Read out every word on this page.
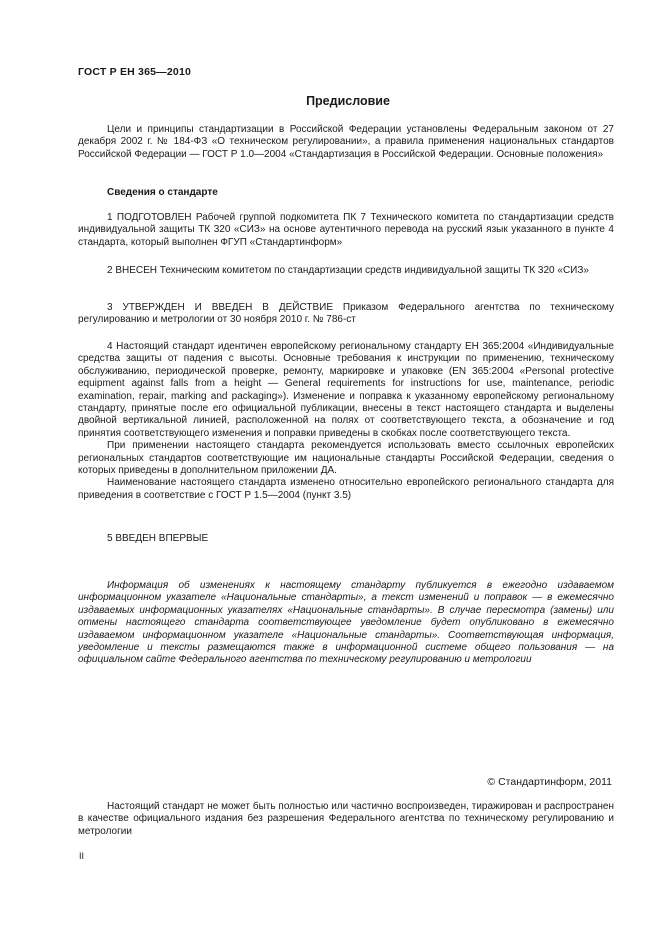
ГОСТ Р ЕН 365—2010
Предисловие

Цели и принципы стандартизации в Российской Федерации установлены Федеральным законом от 27 декабря 2002 г. № 184-ФЗ «О техническом регулировании», а правила применения национальных стандартов Российской Федерации — ГОСТ Р 1.0—2004 «Стандартизация в Российской Федерации. Основные положения»

Сведения о стандарте

1 ПОДГОТОВЛЕН Рабочей группой подкомитета ПК 7 Технического комитета по стандартизации средств индивидуальной защиты ТК 320 «СИЗ» на основе аутентичного перевода на русский язык указанного в пункте 4 стандарта, который выполнен ФГУП «Стандартинформ»

2 ВНЕСЕН Техническим комитетом по стандартизации средств индивидуальной защиты ТК 320 «СИЗ»

3 УТВЕРЖДЕН И ВВЕДЕН В ДЕЙСТВИЕ Приказом Федерального агентства по техническому регулированию и метрологии от 30 ноября 2010 г. № 786-ст

4 Настоящий стандарт идентичен европейскому региональному стандарту ЕН 365:2004 «Индивидуальные средства защиты от падения с высоты. Основные требования к инструкции по применению, техническому обслуживанию, периодической проверке, ремонту, маркировке и упаковке (EN 365:2004 «Personal protective equipment against falls from a height — General requirements for instructions for use, maintenance, periodic examination, repair, marking and packaging»). Изменение и поправка к указанному европейскому региональному стандарту, принятые после его официальной публикации, внесены в текст настоящего стандарта и выделены двойной вертикальной линией, расположенной на полях от соответствующего текста, а обозначение и год принятия соответствующего изменения и поправки приведены в скобках после соответствующего текста.

При применении настоящего стандарта рекомендуется использовать вместо ссылочных европейских региональных стандартов соответствующие им национальные стандарты Российской Федерации, сведения о которых приведены в дополнительном приложении ДА.

Наименование настоящего стандарта изменено относительно европейского регионального стандарта для приведения в соответствие с ГОСТ Р 1.5—2004 (пункт 3.5)

5 ВВЕДЕН ВПЕРВЫЕ

Информация об изменениях к настоящему стандарту публикуется в ежегодно издаваемом информационном указателе «Национальные стандарты», а текст изменений и поправок — в ежемесячно издаваемых информационных указателях «Национальные стандарты». В случае пересмотра (замены) или отмены настоящего стандарта соответствующее уведомление будет опубликовано в ежемесячно издаваемом информационном указателе «Национальные стандарты». Соответствующая информация, уведомление и тексты размещаются также в информационной системе общего пользования — на официальном сайте Федерального агентства по техническому регулированию и метрологии

© Стандартинформ, 2011

Настоящий стандарт не может быть полностью или частично воспроизведен, тиражирован и распространен в качестве официального издания без разрешения Федерального агентства по техническому регулированию и метрологии

II
